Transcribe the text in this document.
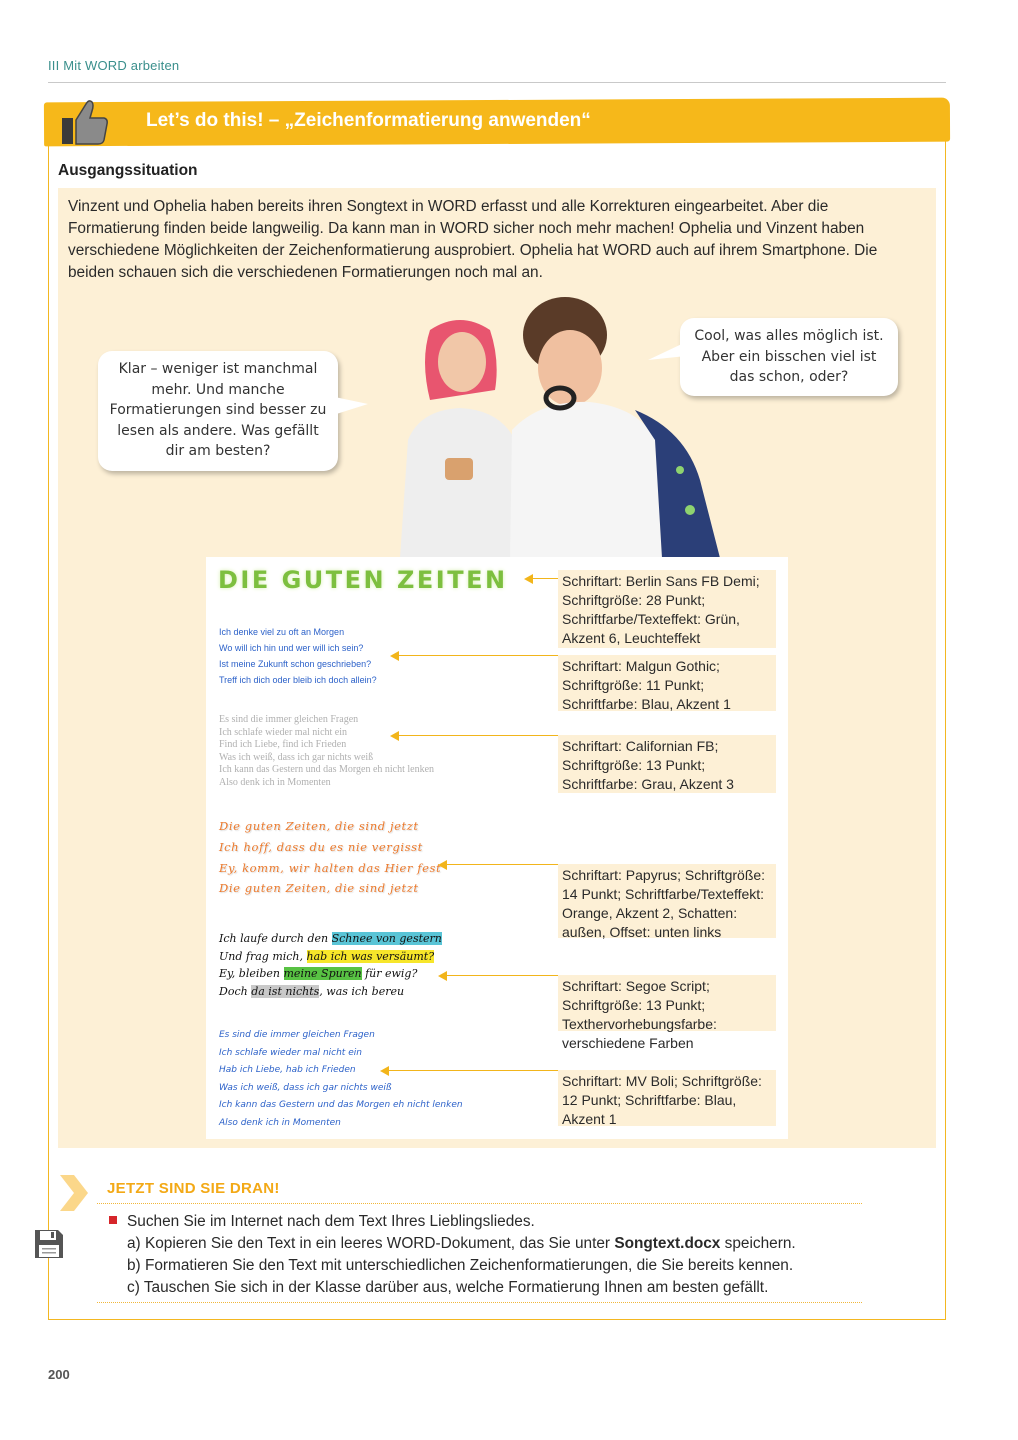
III Mit WORD arbeiten
Let’s do this! – „Zeichenformatierung anwenden“
Ausgangssituation
Vinzent und Ophelia haben bereits ihren Songtext in WORD erfasst und alle Korrekturen eingearbeitet. Aber die Formatierung finden beide langweilig. Da kann man in WORD sicher noch mehr machen! Ophelia und Vinzent haben verschiedene Möglichkeiten der Zeichenformatierung ausprobiert. Ophelia hat WORD auch auf ihrem Smartphone. Die beiden schauen sich die verschiedenen Formatierungen noch mal an.
Klar – weniger ist manchmal mehr. Und manche Formatierungen sind besser zu lesen als andere. Was gefällt dir am besten?
Cool, was alles möglich ist. Aber ein bisschen viel ist das schon, oder?
DIE GUTEN ZEITEN
Ich denke viel zu oft an Morgen
Wo will ich hin und wer will ich sein?
Ist meine Zukunft schon geschrieben?
Treff ich dich oder bleib ich doch allein?
Es sind die immer gleichen Fragen
Ich schlafe wieder mal nicht ein
Find ich Liebe, find ich Frieden
Was ich weiß, dass ich gar nichts weiß
Ich kann das Gestern und das Morgen eh nicht lenken
Also denk ich in Momenten
Die guten Zeiten, die sind jetzt
Ich hoff, dass du es nie vergisst
Ey, komm, wir halten das Hier fest
Die guten Zeiten, die sind jetzt
Ich laufe durch den Schnee von gestern
Und frag mich, hab ich was versäumt?
Ey, bleiben meine Spuren für ewig?
Doch da ist nichts, was ich bereu
Es sind die immer gleichen Fragen
Ich schlafe wieder mal nicht ein
Hab ich Liebe, hab ich Frieden
Was ich weiß, dass ich gar nichts weiß
Ich kann das Gestern und das Morgen eh nicht lenken
Also denk ich in Momenten
Schriftart: Berlin Sans FB Demi; Schriftgröße: 28 Punkt; Schriftfarbe/Texteffekt: Grün, Akzent 6, Leuchteffekt
Schriftart: Malgun Gothic; Schriftgröße: 11 Punkt; Schriftfarbe: Blau, Akzent 1
Schriftart: Californian FB; Schriftgröße: 13 Punkt; Schriftfarbe: Grau, Akzent 3
Schriftart: Papyrus; Schriftgröße: 14 Punkt; Schriftfarbe/Texteffekt: Orange, Akzent 2, Schatten: außen, Offset: unten links
Schriftart: Segoe Script; Schriftgröße: 13 Punkt; Texthervorhebungsfarbe: verschiedene Farben
Schriftart: MV Boli; Schriftgröße: 12 Punkt; Schriftfarbe: Blau, Akzent 1
JETZT SIND SIE DRAN!
Suchen Sie im Internet nach dem Text Ihres Lieblingsliedes.
a) Kopieren Sie den Text in ein leeres WORD-Dokument, das Sie unter Songtext.docx speichern.
b) Formatieren Sie den Text mit unterschiedlichen Zeichenformatierungen, die Sie bereits kennen.
c) Tauschen Sie sich in der Klasse darüber aus, welche Formatierung Ihnen am besten gefällt.
200
